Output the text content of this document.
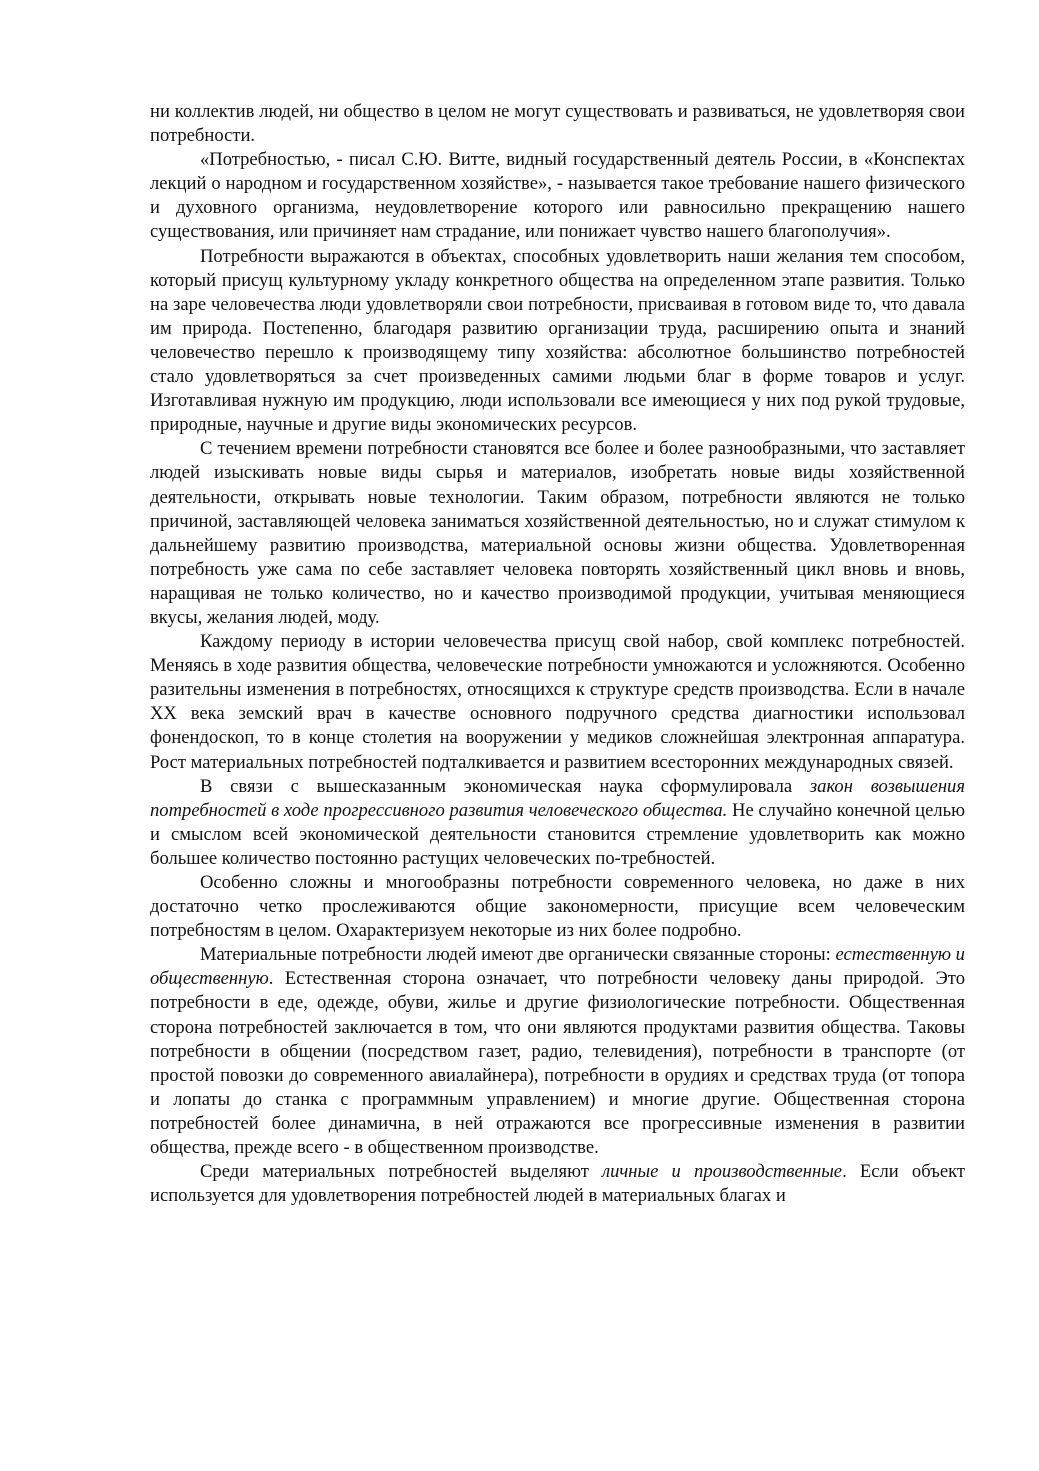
ни коллектив людей, ни общество в целом не могут существовать и развиваться, не удовлетворяя свои потребности.

«Потребностью, - писал С.Ю. Витте, видный государственный деятель России, в «Конспектах лекций о народном и государственном хозяйстве», - называется такое требование нашего физического и духовного организма, неудовлетворение которого или равносильно прекращению нашего существования, или причиняет нам страдание, или понижает чувство нашего благополучия».

Потребности выражаются в объектах, способных удовлетворить наши желания тем способом, который присущ культурному укладу конкретного общества на определенном этапе развития. Только на заре человечества люди удовлетворяли свои потребности, присваивая в готовом виде то, что давала им природа. Постепенно, благодаря развитию организации труда, расширению опыта и знаний человечество перешло к производящему типу хозяйства: абсолютное большинство потребностей стало удовлетворяться за счет произведенных самими людьми благ в форме товаров и услуг. Изготавливая нужную им продукцию, люди использовали все имеющиеся у них под рукой трудовые, природные, научные и другие виды экономических ресурсов.

С течением времени потребности становятся все более и более разнообразными, что заставляет людей изыскивать новые виды сырья и материалов, изобретать новые виды хозяйственной деятельности, открывать новые технологии. Таким образом, потребности являются не только причиной, заставляющей человека заниматься хозяйственной деятельностью, но и служат стимулом к дальнейшему развитию производства, материальной основы жизни общества. Удовлетворенная потребность уже сама по себе заставляет человека повторять хозяйственный цикл вновь и вновь, наращивая не только количество, но и качество производимой продукции, учитывая меняющиеся вкусы, желания людей, моду.

Каждому периоду в истории человечества присущ свой набор, свой комплекс потребностей. Меняясь в ходе развития общества, человеческие потребности умножаются и усложняются. Особенно разительны изменения в потребностях, относящихся к структуре средств производства. Если в начале XX века земский врач в качестве основного подручного средства диагностики использовал фонендоскоп, то в конце столетия на вооружении у медиков сложнейшая электронная аппаратура. Рост материальных потребностей подталкивается и развитием всесторонних международных связей.

В связи с вышесказанным экономическая наука сформулировала закон возвышения потребностей в ходе прогрессивного развития человеческого общества. Не случайно конечной целью и смыслом всей экономической деятельности становится стремление удовлетворить как можно большее количество постоянно растущих человеческих по-требностей.

Особенно сложны и многообразны потребности современного человека, но даже в них достаточно четко прослеживаются общие закономерности, присущие всем человеческим потребностям в целом. Охарактеризуем некоторые из них более подробно.

Материальные потребности людей имеют две органически связанные стороны: естественную и общественную. Естественная сторона означает, что потребности человеку даны природой. Это потребности в еде, одежде, обуви, жилье и другие физиологические потребности. Общественная сторона потребностей заключается в том, что они являются продуктами развития общества. Таковы потребности в общении (посредством газет, радио, телевидения), потребности в транспорте (от простой повозки до современного авиалайнера), потребности в орудиях и средствах труда (от топора и лопаты до станка с программным управлением) и многие другие. Общественная сторона потребностей более динамична, в ней отражаются все прогрессивные изменения в развитии общества, прежде всего - в общественном производстве.

Среди материальных потребностей выделяют личные и производственные. Если объект используется для удовлетворения потребностей людей в материальных благах и
